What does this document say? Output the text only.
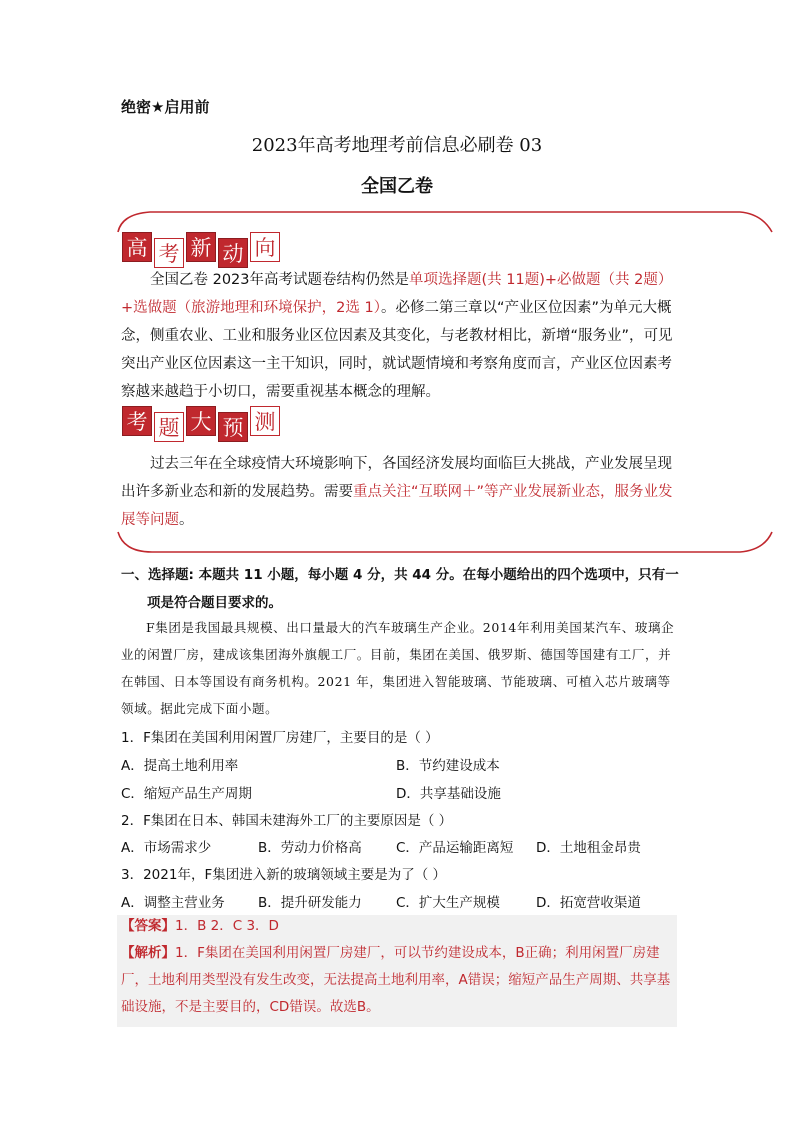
绝密★启用前
2023年高考地理考前信息必刷卷 03
全国乙卷
高 考 新 动 向
全国乙卷 2023年高考试题卷结构仍然是单项选择题(共 11题)+必做题（共 2题）+选做题（旅游地理和环境保护，2选 1）。必修二第三章以“产业区位因素”为单元大概念，侧重农业、工业和服务业区位因素及其变化，与老教材相比，新增“服务业”，可见突出产业区位因素这一主干知识，同时，就试题情境和考察角度而言，产业区位因素考察越来越趋于小切口，需要重视基本概念的理解。
考 题 大 预 测
过去三年在全球疫情大环境影响下，各国经济发展均面临巨大挑战，产业发展呈现出许多新业态和新的发展趋势。需要重点关注“互联网＋”等产业发展新业态，服务业发展等问题。
一、选择题: 本题共 11 小题，每小题 4 分，共 44 分。在每小题给出的四个选项中，只有一
项是符合题目要求的。
F集团是我国最具规模、出口量最大的汽车玻璃生产企业。2014年利用美国某汽车、玻璃企业的闲置厂房，建成该集团海外旗舰工厂。目前，集团在美国、俄罗斯、德国等国建有工厂，并在韩国、日本等国设有商务机构。2021 年，集团进入智能玻璃、节能玻璃、可植入芯片玻璃等领域。据此完成下面小题。
1．F集团在美国利用闲置厂房建厂，主要目的是（ ）
A．提高土地利用率	B．节约建设成本
C．缩短产品生产周期	D．共享基础设施
2．F集团在日本、韩国未建海外工厂的主要原因是（ ）
A．市场需求少	B．劳动力价格高	C．产品运输距离短 D．土地租金昂贵
3．2021年，F集团进入新的玻璃领域主要是为了（ ）
A．调整主营业务 B．提升研发能力	C．扩大生产规模	D．拓宽营收渠道
【答案】1．B 2．C 3．D
【解析】1．F集团在美国利用闲置厂房建厂，可以节约建设成本，B正确；利用闲置厂房建厂，土地利用类型没有发生改变，无法提高土地利用率，A错误；缩短产品生产周期、共享基础设施，不是主要目的，CD错误。故选B。
